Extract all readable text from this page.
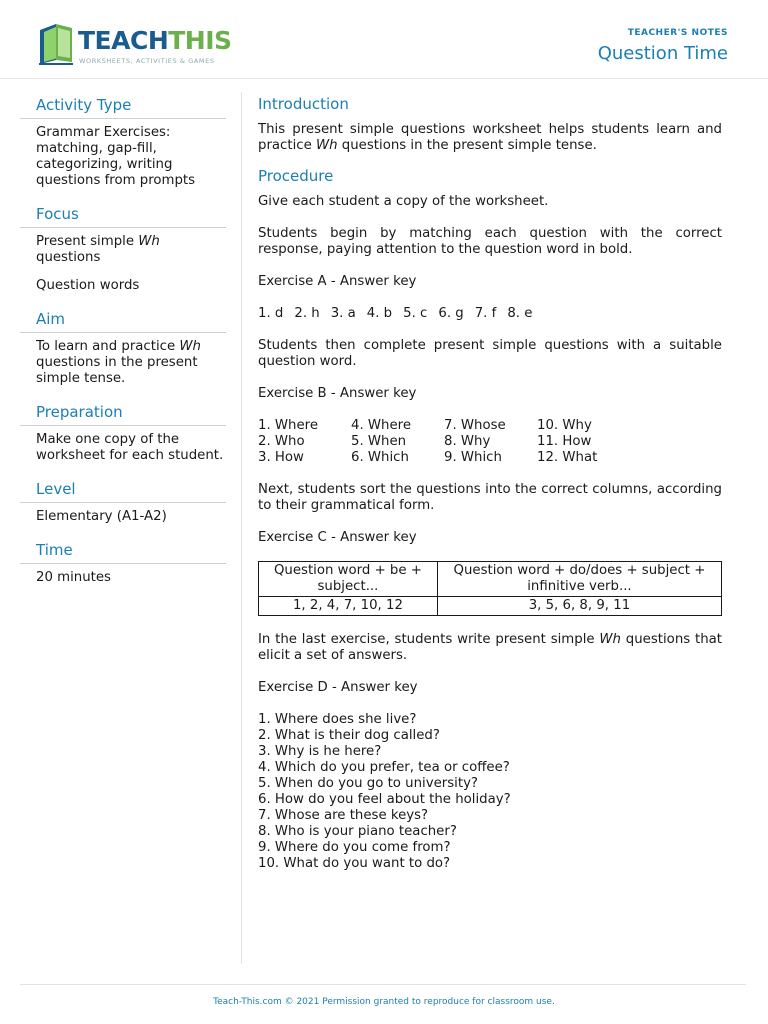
TEACHTHIS
WORKSHEETS, ACTIVITIES & GAMES
TEACHER'S NOTES
Question Time
Activity Type

Grammar Exercises: matching, gap-fill, categorizing, writing questions from prompts

Focus

Present simple Wh questions

Question words

Aim

To learn and practice Wh questions in the present simple tense.

Preparation

Make one copy of the worksheet for each student.

Level

Elementary (A1-A2)

Time

20 minutes

Introduction

This present simple questions worksheet helps students learn and practice Wh questions in the present simple tense.

Procedure

Give each student a copy of the worksheet.

Students begin by matching each question with the correct response, paying attention to the question word in bold.

Exercise A - Answer key

1. d 2. h 3. a 4. b 5. c 6. g 7. f 8. e

Students then complete present simple questions with a suitable question word.

Exercise B - Answer key

1. Where	4. Where	7. Whose	10. Why
2. Who	5. When	8. Why	11. How
3. How	6. Which	9. Which	12. What

Next, students sort the questions into the correct columns, according to their grammatical form.

Exercise C - Answer key

Question word + be + subject...	Question word + do/does + subject + infinitive verb...
1, 2, 4, 7, 10, 12	3, 5, 6, 8, 9, 11

In the last exercise, students write present simple Wh questions that elicit a set of answers.

Exercise D - Answer key

1. Where does she live?
2. What is their dog called?
3. Why is he here?
4. Which do you prefer, tea or coffee?
5. When do you go to university?
6. How do you feel about the holiday?
7. Whose are these keys?
8. Who is your piano teacher?
9. Where do you come from?
10. What do you want to do?
Teach-This.com © 2021 Permission granted to reproduce for classroom use.
